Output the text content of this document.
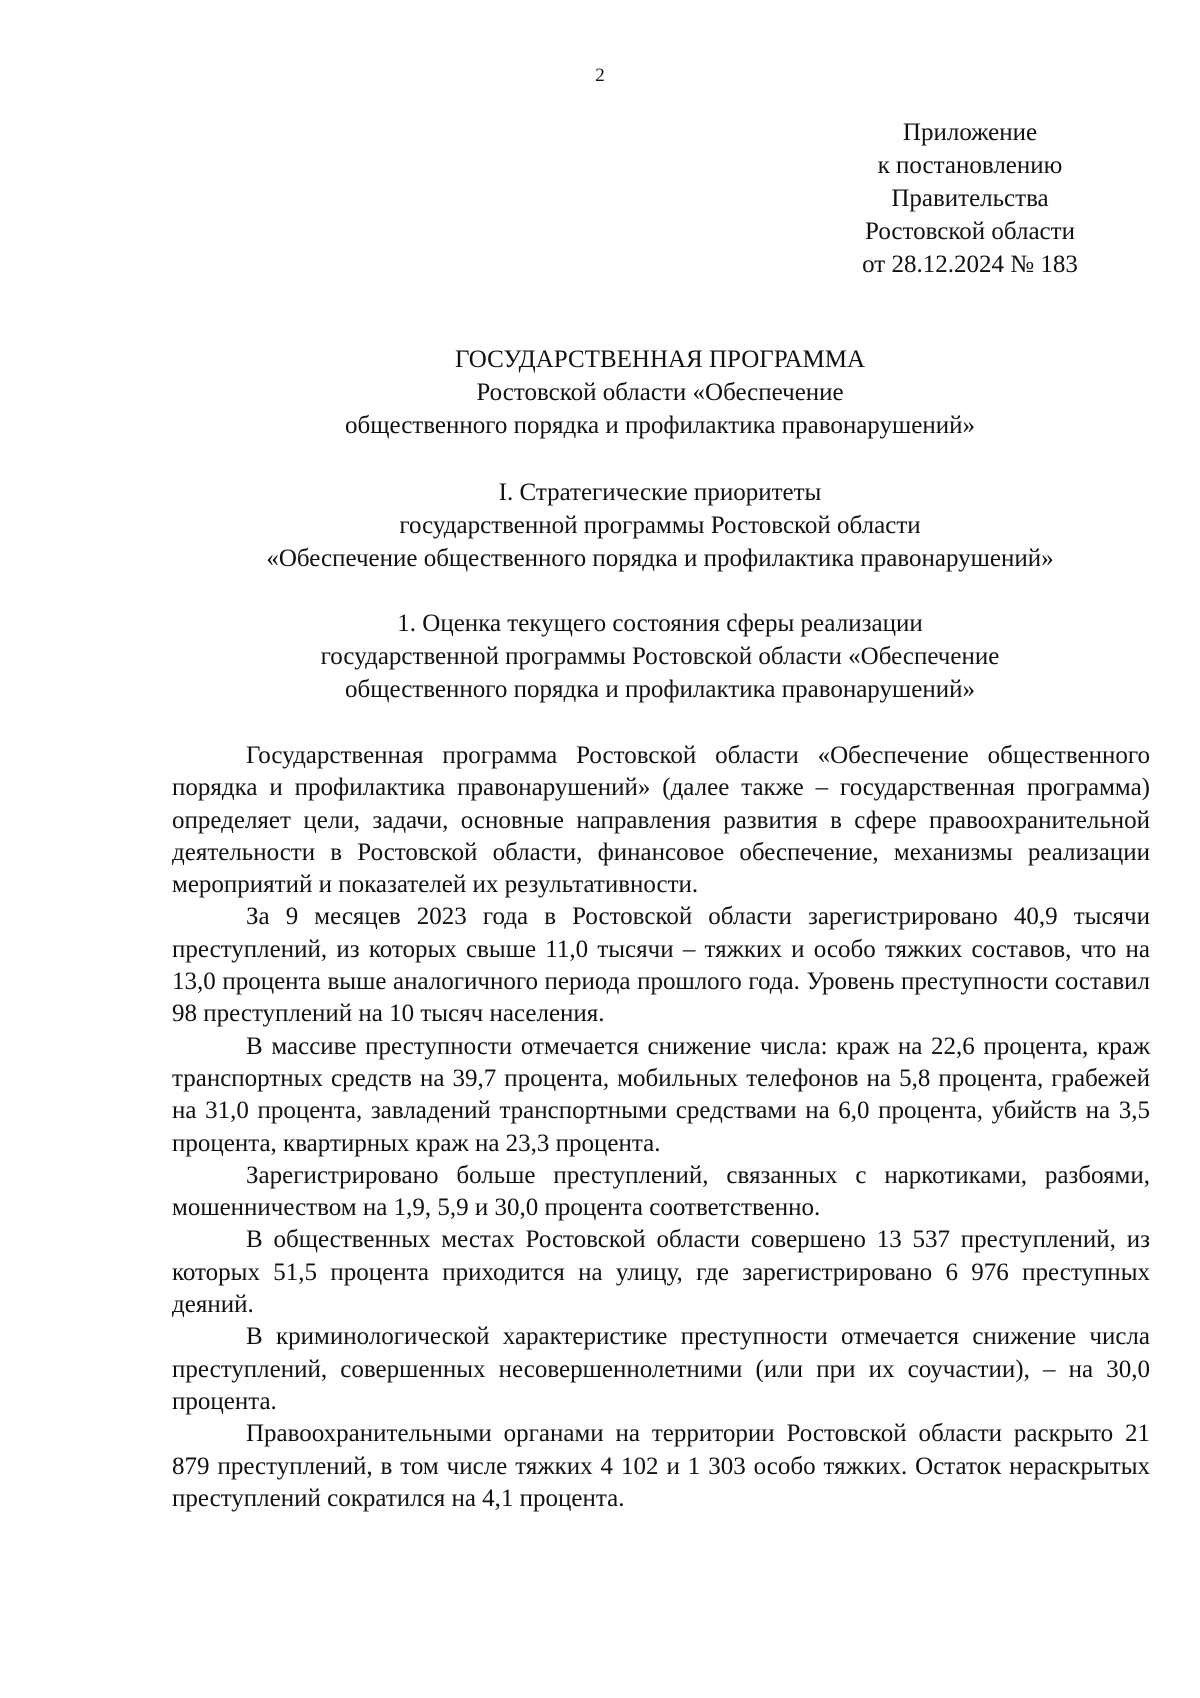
2
Приложение
к постановлению
Правительства
Ростовской области
от 28.12.2024 № 183
ГОСУДАРСТВЕННАЯ ПРОГРАММА
Ростовской области «Обеспечение
общественного порядка и профилактика правонарушений»
I. Стратегические приоритеты
государственной программы Ростовской области
«Обеспечение общественного порядка и профилактика правонарушений»
1. Оценка текущего состояния сферы реализации
государственной программы Ростовской области «Обеспечение
общественного порядка и профилактика правонарушений»

Государственная программа Ростовской области «Обеспечение общественного порядка и профилактика правонарушений» (далее также – государственная программа) определяет цели, задачи, основные направления развития в сфере правоохранительной деятельности в Ростовской области, финансовое обеспечение, механизмы реализации мероприятий и показателей их результативности.

За 9 месяцев 2023 года в Ростовской области зарегистрировано 40,9 тысячи преступлений, из которых свыше 11,0 тысячи – тяжких и особо тяжких составов, что на 13,0 процента выше аналогичного периода прошлого года. Уровень преступности составил 98 преступлений на 10 тысяч населения.

В массиве преступности отмечается снижение числа: краж на 22,6 процента, краж транспортных средств на 39,7 процента, мобильных телефонов на 5,8 процента, грабежей на 31,0 процента, завладений транспортными средствами на 6,0 процента, убийств на 3,5 процента, квартирных краж на 23,3 процента.

Зарегистрировано больше преступлений, связанных с наркотиками, разбоями, мошенничеством на 1,9, 5,9 и 30,0 процента соответственно.

В общественных местах Ростовской области совершено 13 537 преступлений, из которых 51,5 процента приходится на улицу, где зарегистрировано 6 976 преступных деяний.

В криминологической характеристике преступности отмечается снижение числа преступлений, совершенных несовершеннолетними (или при их соучастии), – на 30,0 процента.

Правоохранительными органами на территории Ростовской области раскрыто 21 879 преступлений, в том числе тяжких 4 102 и 1 303 особо тяжких. Остаток нераскрытых преступлений сократился на 4,1 процента.
